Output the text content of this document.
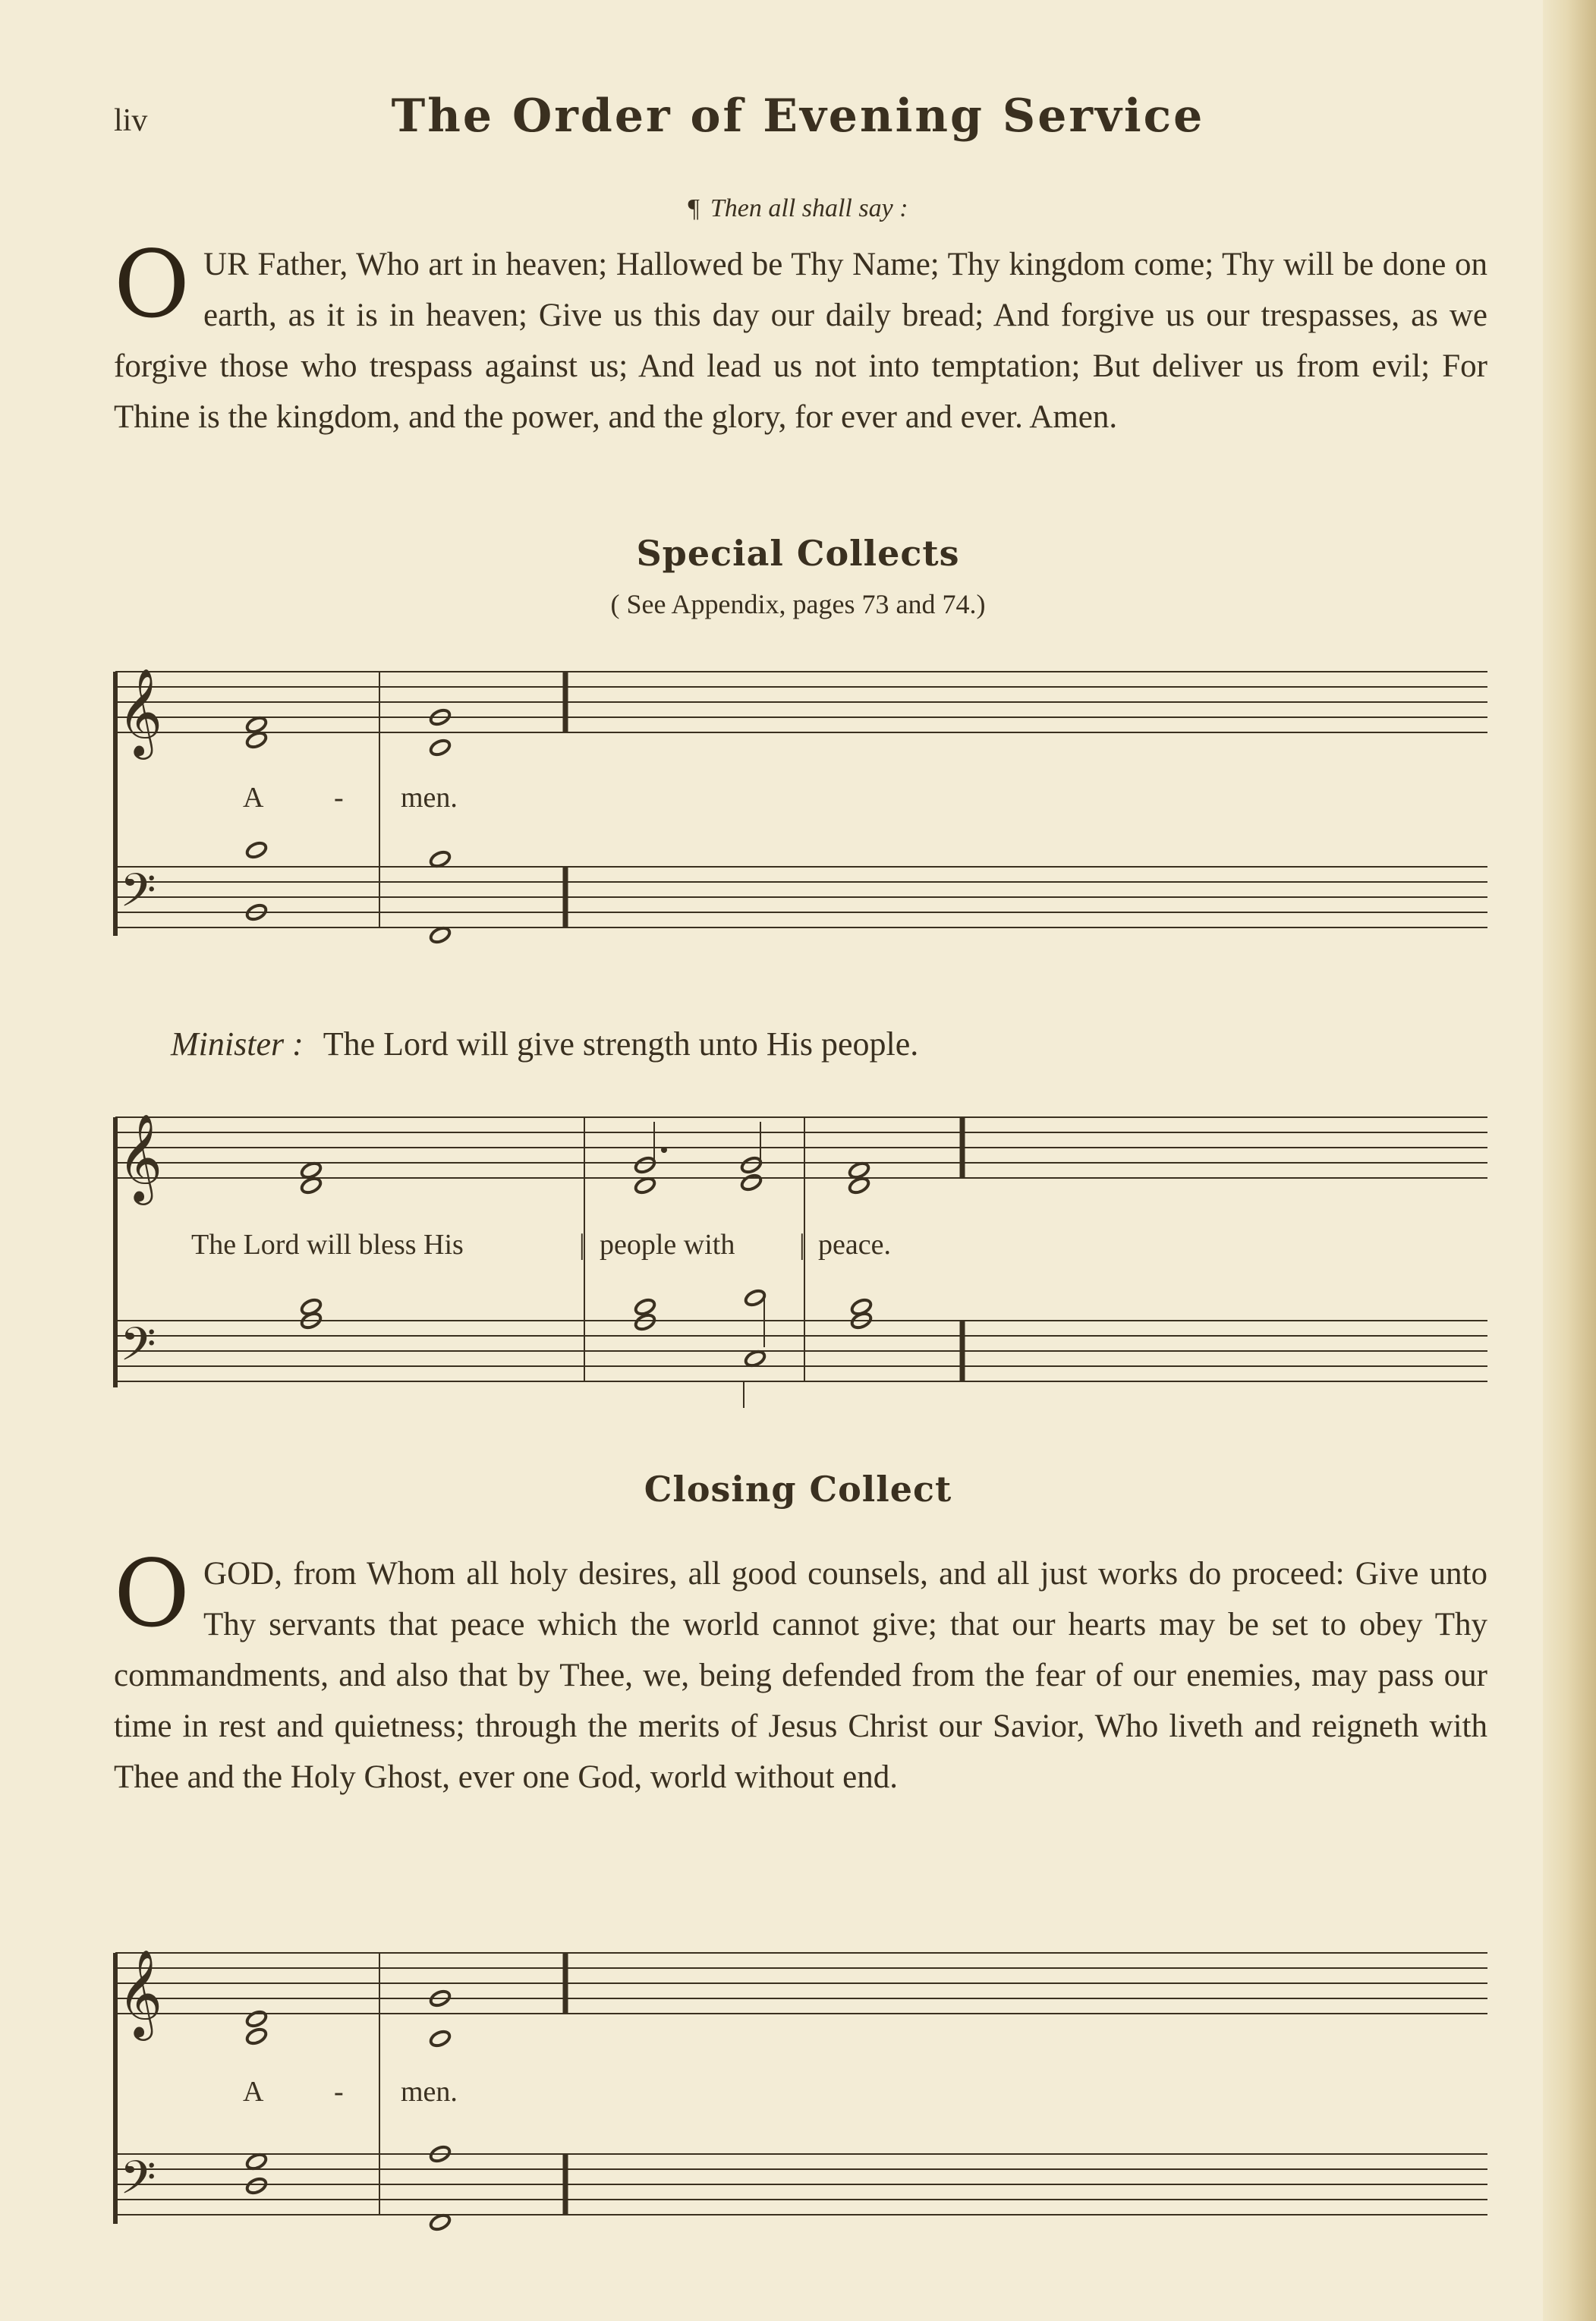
liv	The Order of Evening Service
¶ Then all shall say :
OUR Father, Who art in heaven; Hallowed be Thy Name; Thy kingdom come; Thy will be done on earth, as it is in heaven; Give us this day our daily bread; And forgive us our trespasses, as we forgive those who trespass against us; And lead us not into temptation; But deliver us from evil; For Thine is the kingdom, and the power, and the glory, for ever and ever. Amen.
Special Collects
( See Appendix, pages 73 and 74.)
𝄞
𝄢
A - men.
Minister : The Lord will give strength unto His people.
𝄞
𝄢
The Lord will bless His	| people with | peace.
Closing Collect
OGOD, from Whom all holy desires, all good counsels, and all just works do proceed: Give unto Thy servants that peace which the world cannot give; that our hearts may be set to obey Thy commandments, and also that by Thee, we, being defended from the fear of our enemies, may pass our time in rest and quietness; through the merits of Jesus Christ our Savior, Who liveth and reigneth with Thee and the Holy Ghost, ever one God, world without end.
𝄞
𝄢
A - men.
